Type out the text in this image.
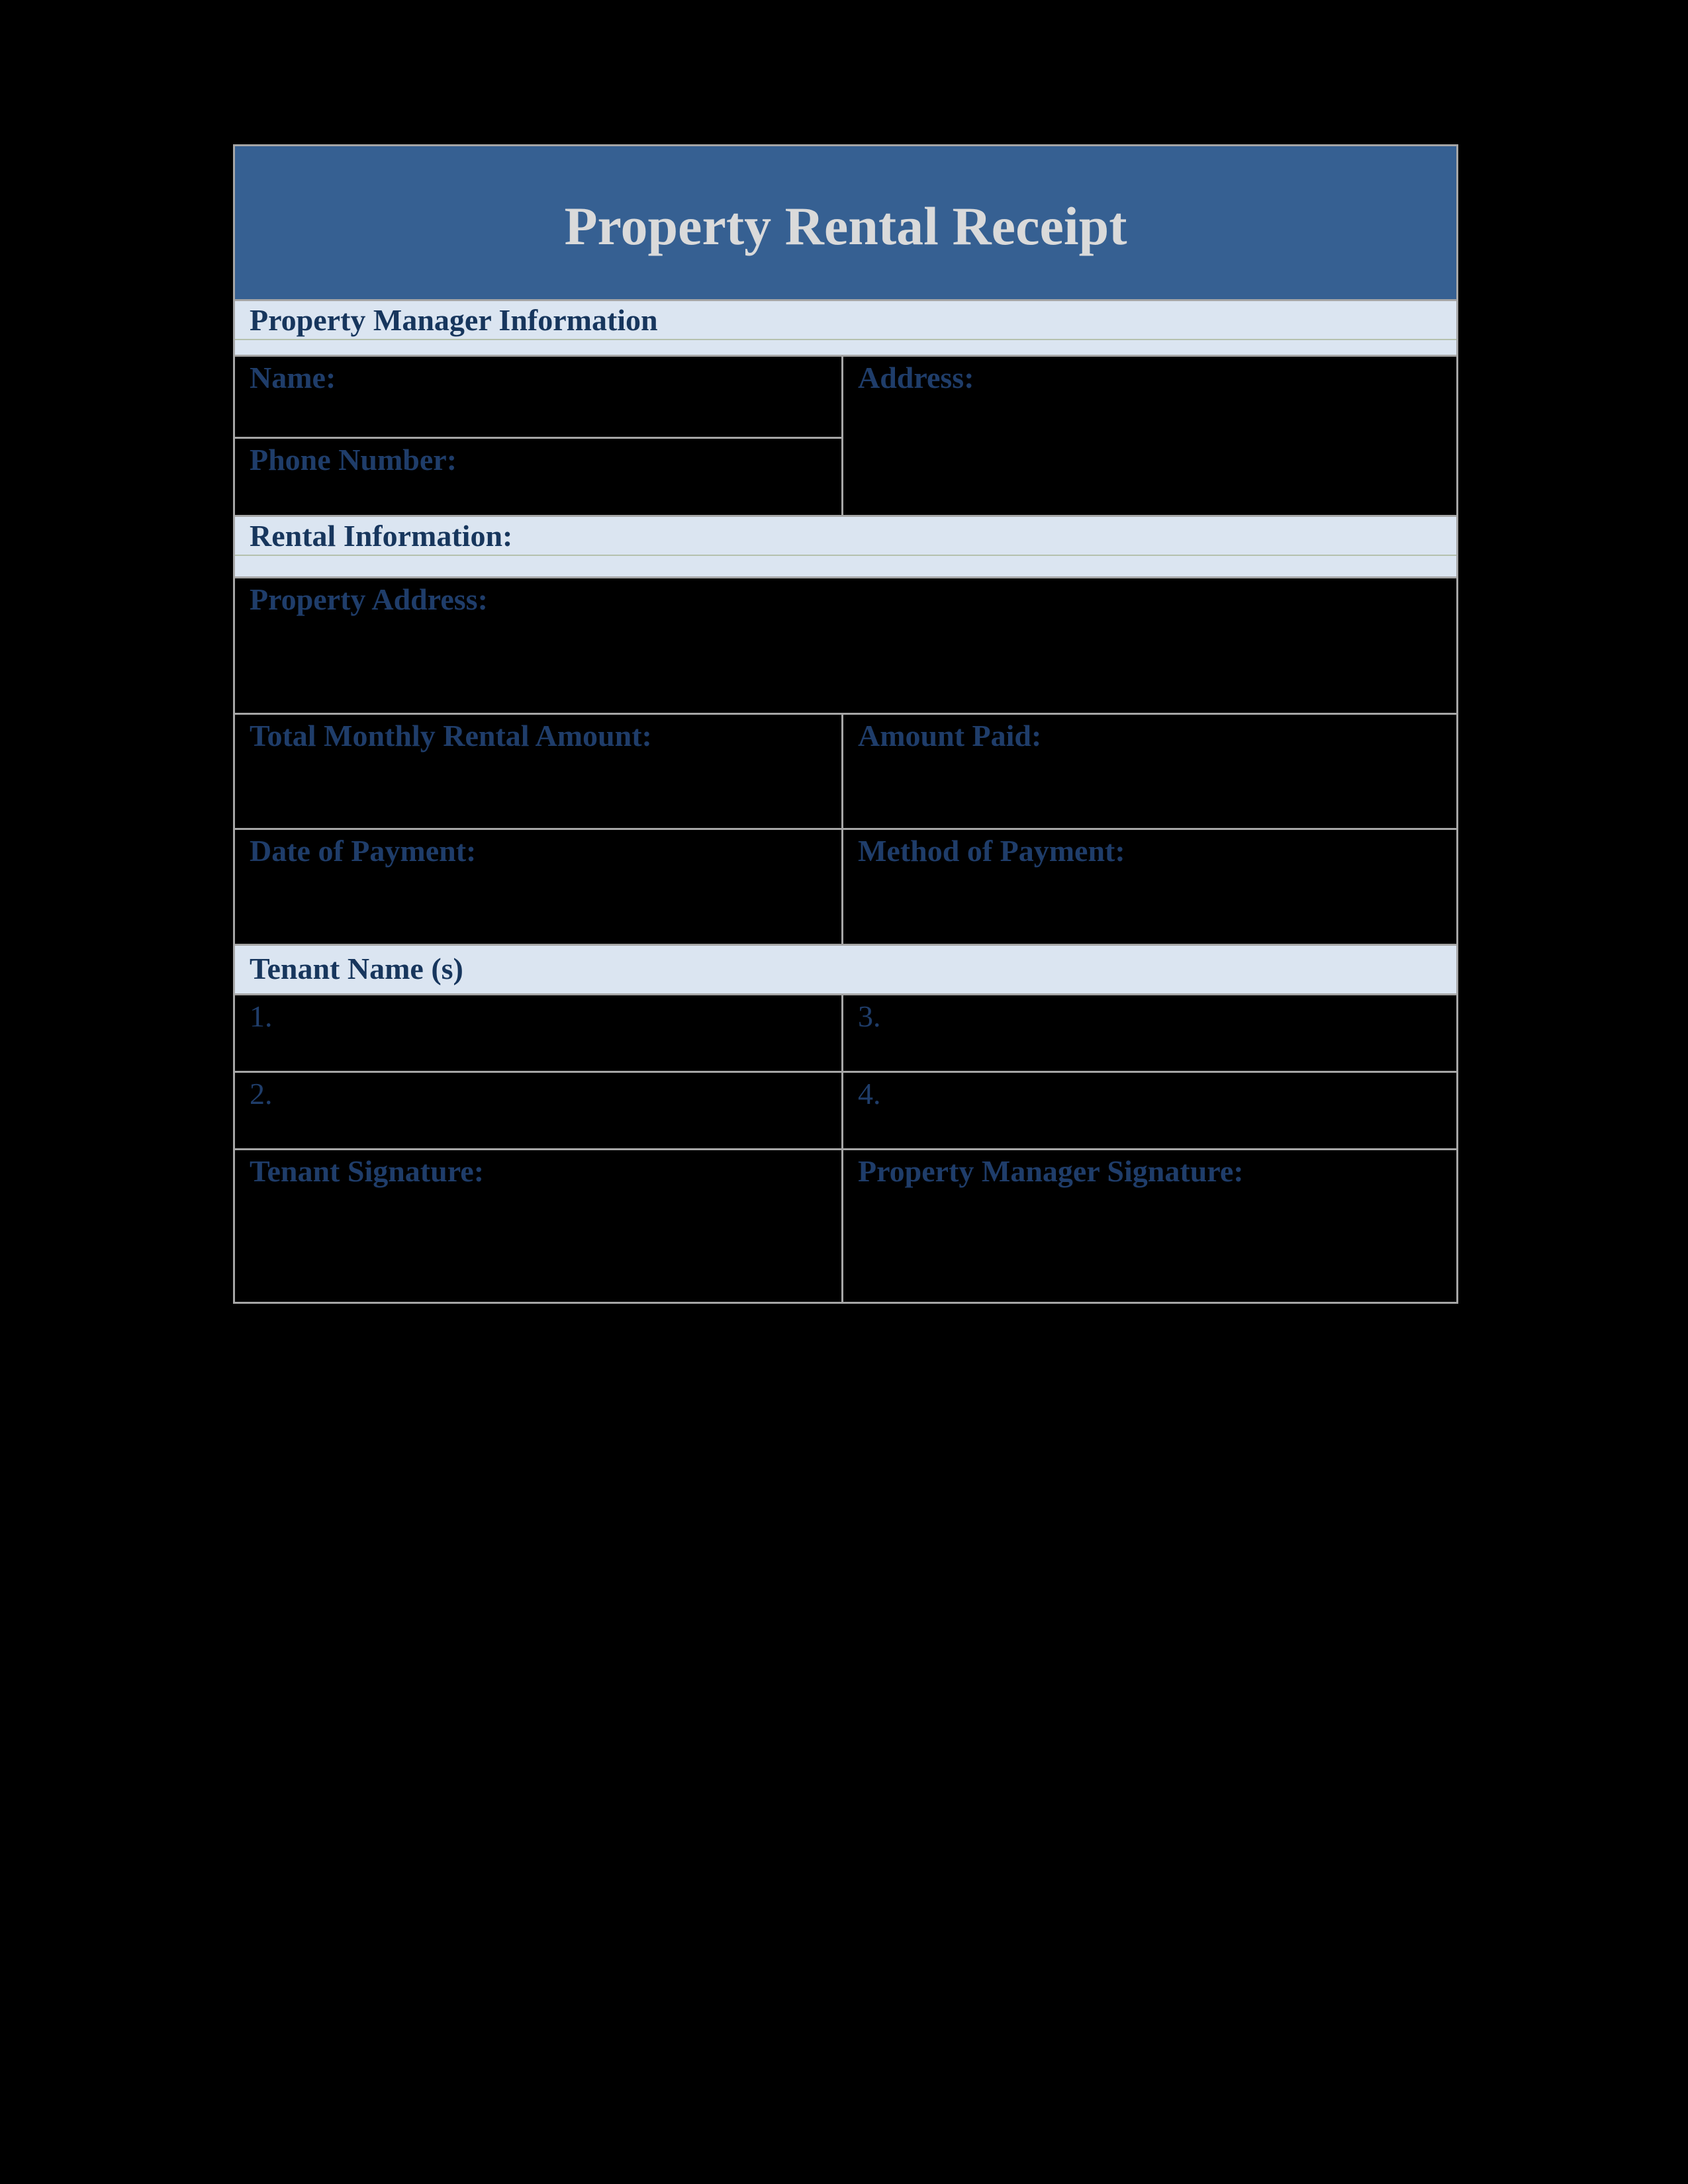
Property Rental Receipt
Property Manager Information
Name:
Phone Number:
Address:
Rental Information:
Property Address:
Total Monthly Rental Amount:	Amount Paid:
Date of Payment:	Method of Payment:
Tenant Name (s)
1.	3.
2.	4.
Tenant Signature:	Property Manager Signature:
